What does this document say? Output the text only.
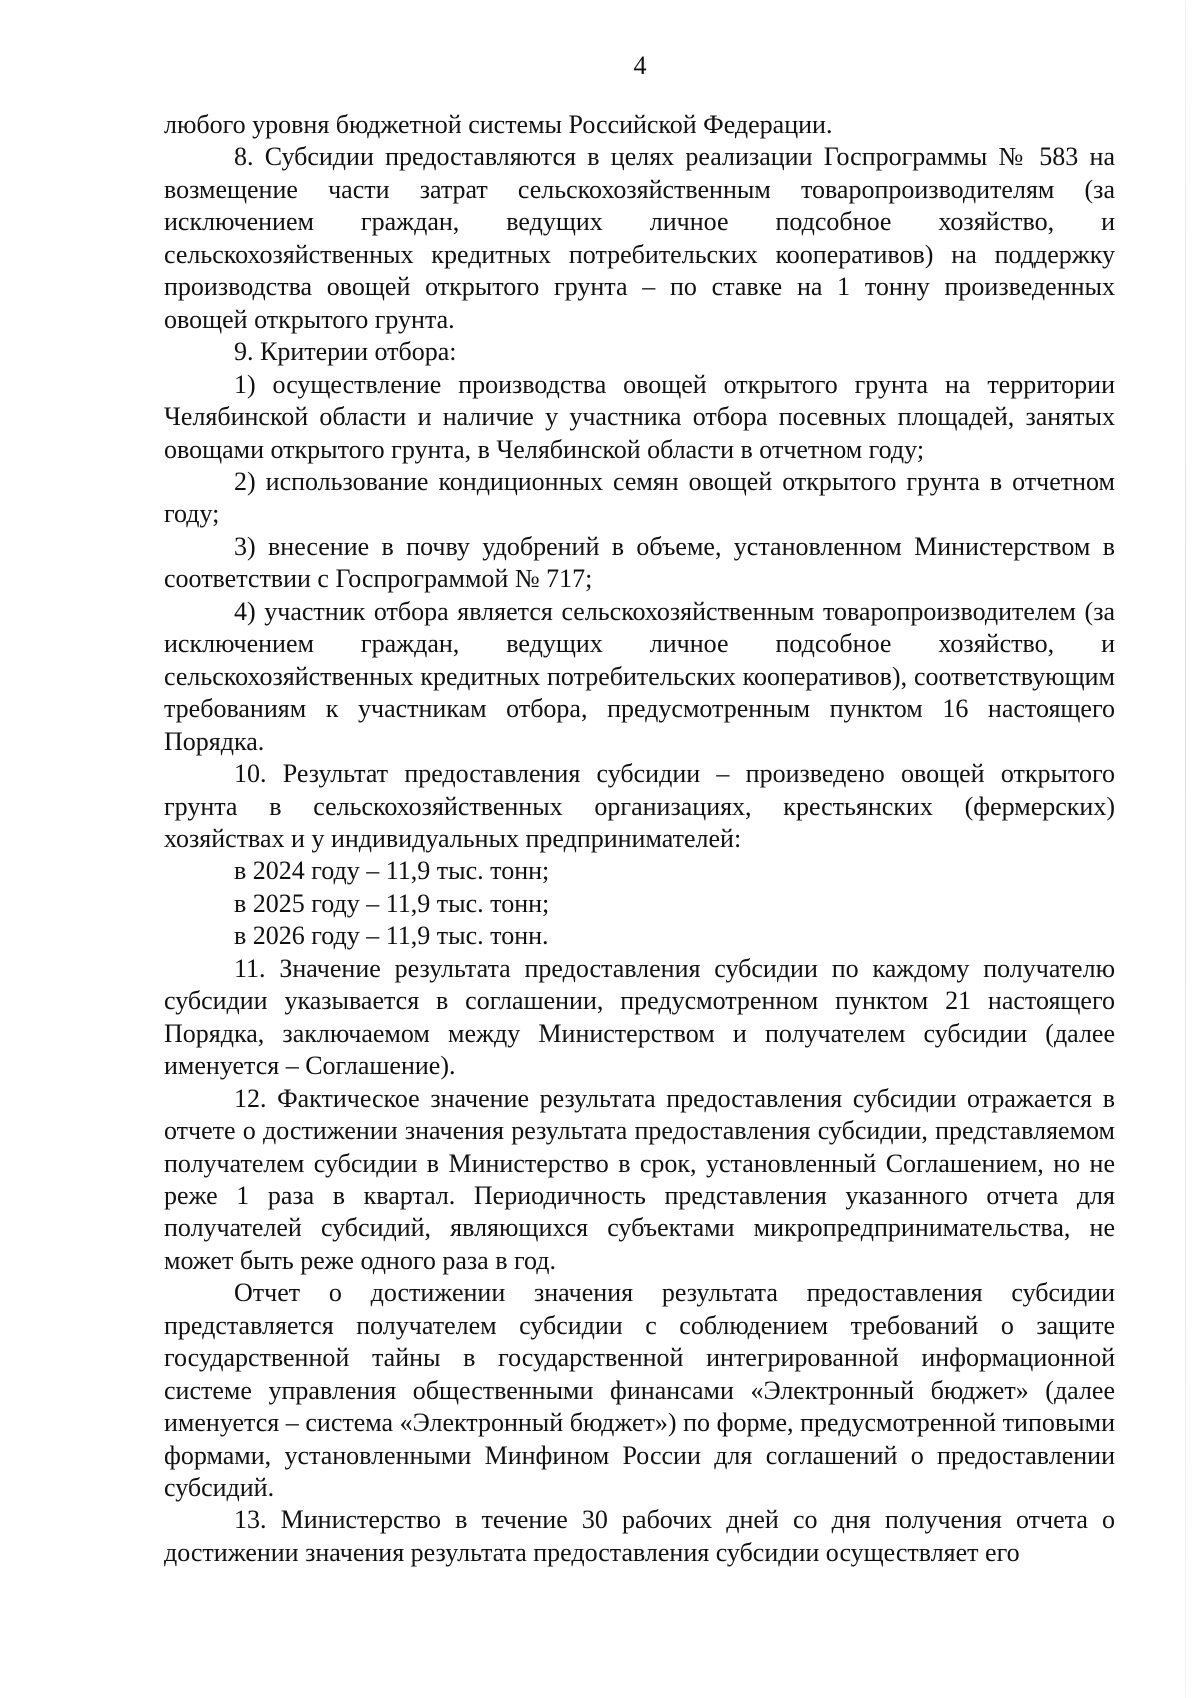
4

любого уровня бюджетной системы Российской Федерации.

8. Субсидии предоставляются в целях реализации Госпрограммы № 583 на возмещение части затрат сельскохозяйственным товаропроизводителям (за исключением граждан, ведущих личное подсобное хозяйство, и сельскохозяйственных кредитных потребительских кооперативов) на поддержку производства овощей открытого грунта – по ставке на 1 тонну произведенных овощей открытого грунта.

9. Критерии отбора:

1) осуществление производства овощей открытого грунта на территории Челябинской области и наличие у участника отбора посевных площадей, занятых овощами открытого грунта, в Челябинской области в отчетном году;

2) использование кондиционных семян овощей открытого грунта в отчетном году;

3) внесение в почву удобрений в объеме, установленном Министерством в соответствии с Госпрограммой № 717;

4) участник отбора является сельскохозяйственным товаропроизводителем (за исключением граждан, ведущих личное подсобное хозяйство, и сельскохозяйственных кредитных потребительских кооперативов), соответствующим требованиям к участникам отбора, предусмотренным пунктом 16 настоящего Порядка.

10. Результат предоставления субсидии – произведено овощей открытого грунта в сельскохозяйственных организациях, крестьянских (фермерских) хозяйствах и у индивидуальных предпринимателей:

в 2024 году – 11,9 тыс. тонн;

в 2025 году – 11,9 тыс. тонн;

в 2026 году – 11,9 тыс. тонн.

11. Значение результата предоставления субсидии по каждому получателю субсидии указывается в соглашении, предусмотренном пунктом 21 настоящего Порядка, заключаемом между Министерством и получателем субсидии (далее именуется – Соглашение).

12. Фактическое значение результата предоставления субсидии отражается в отчете о достижении значения результата предоставления субсидии, представляемом получателем субсидии в Министерство в срок, установленный Соглашением, но не реже 1 раза в квартал. Периодичность представления указанного отчета для получателей субсидий, являющихся субъектами микропредпринимательства, не может быть реже одного раза в год.

Отчет о достижении значения результата предоставления субсидии представляется получателем субсидии с соблюдением требований о защите государственной тайны в государственной интегрированной информационной системе управления общественными финансами «Электронный бюджет» (далее именуется – система «Электронный бюджет») по форме, предусмотренной типовыми формами, установленными Минфином России для соглашений о предоставлении субсидий.

13. Министерство в течение 30 рабочих дней со дня получения отчета о достижении значения результата предоставления субсидии осуществляет его
